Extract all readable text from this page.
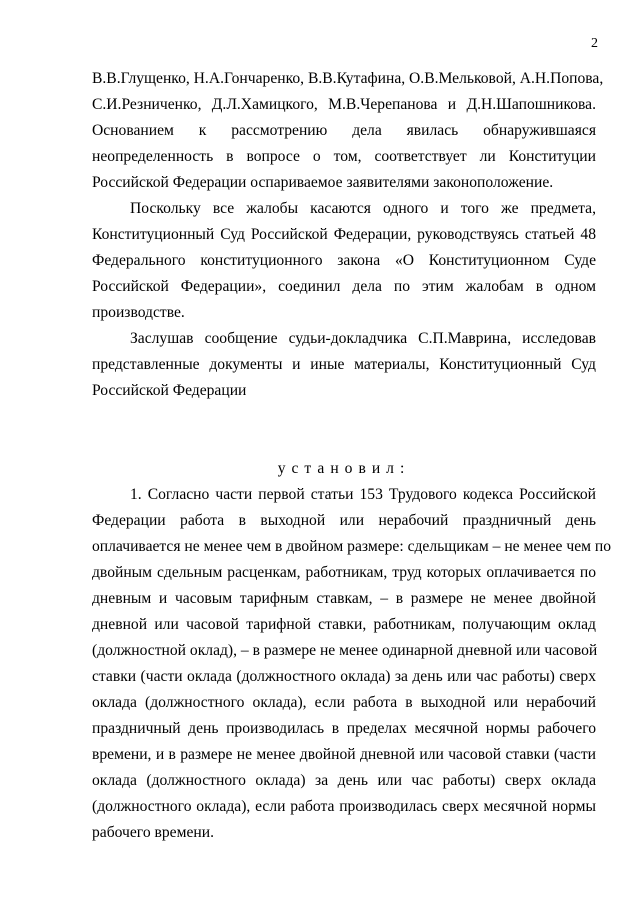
2

В.В.Глущенко, Н.А.Гончаренко, В.В.Кутафина, О.В.Мельковой, А.Н.Попова,
С.И.Резниченко, Д.Л.Хамицкого, М.В.Черепанова и Д.Н.Шапошникова.
Основанием к рассмотрению дела явилась обнаружившаяся
неопределенность в вопросе о том, соответствует ли Конституции
Российской Федерации оспариваемое заявителями законоположение.

Поскольку все жалобы касаются одного и того же предмета,
Конституционный Суд Российской Федерации, руководствуясь статьей 48
Федерального конституционного закона «О Конституционном Суде
Российской Федерации», соединил дела по этим жалобам в одном
производстве.

Заслушав сообщение судьи-докладчика С.П.Маврина, исследовав
представленные документы и иные материалы, Конституционный Суд
Российской Федерации

установил:

1. Согласно части первой статьи 153 Трудового кодекса Российской
Федерации работа в выходной или нерабочий праздничный день
оплачивается не менее чем в двойном размере: сдельщикам – не менее чем по
двойным сдельным расценкам, работникам, труд которых оплачивается по
дневным и часовым тарифным ставкам, – в размере не менее двойной
дневной или часовой тарифной ставки, работникам, получающим оклад
(должностной оклад), – в размере не менее одинарной дневной или часовой
ставки (части оклада (должностного оклада) за день или час работы) сверх
оклада (должностного оклада), если работа в выходной или нерабочий
праздничный день производилась в пределах месячной нормы рабочего
времени, и в размере не менее двойной дневной или часовой ставки (части
оклада (должностного оклада) за день или час работы) сверх оклада
(должностного оклада), если работа производилась сверх месячной нормы
рабочего времени.
